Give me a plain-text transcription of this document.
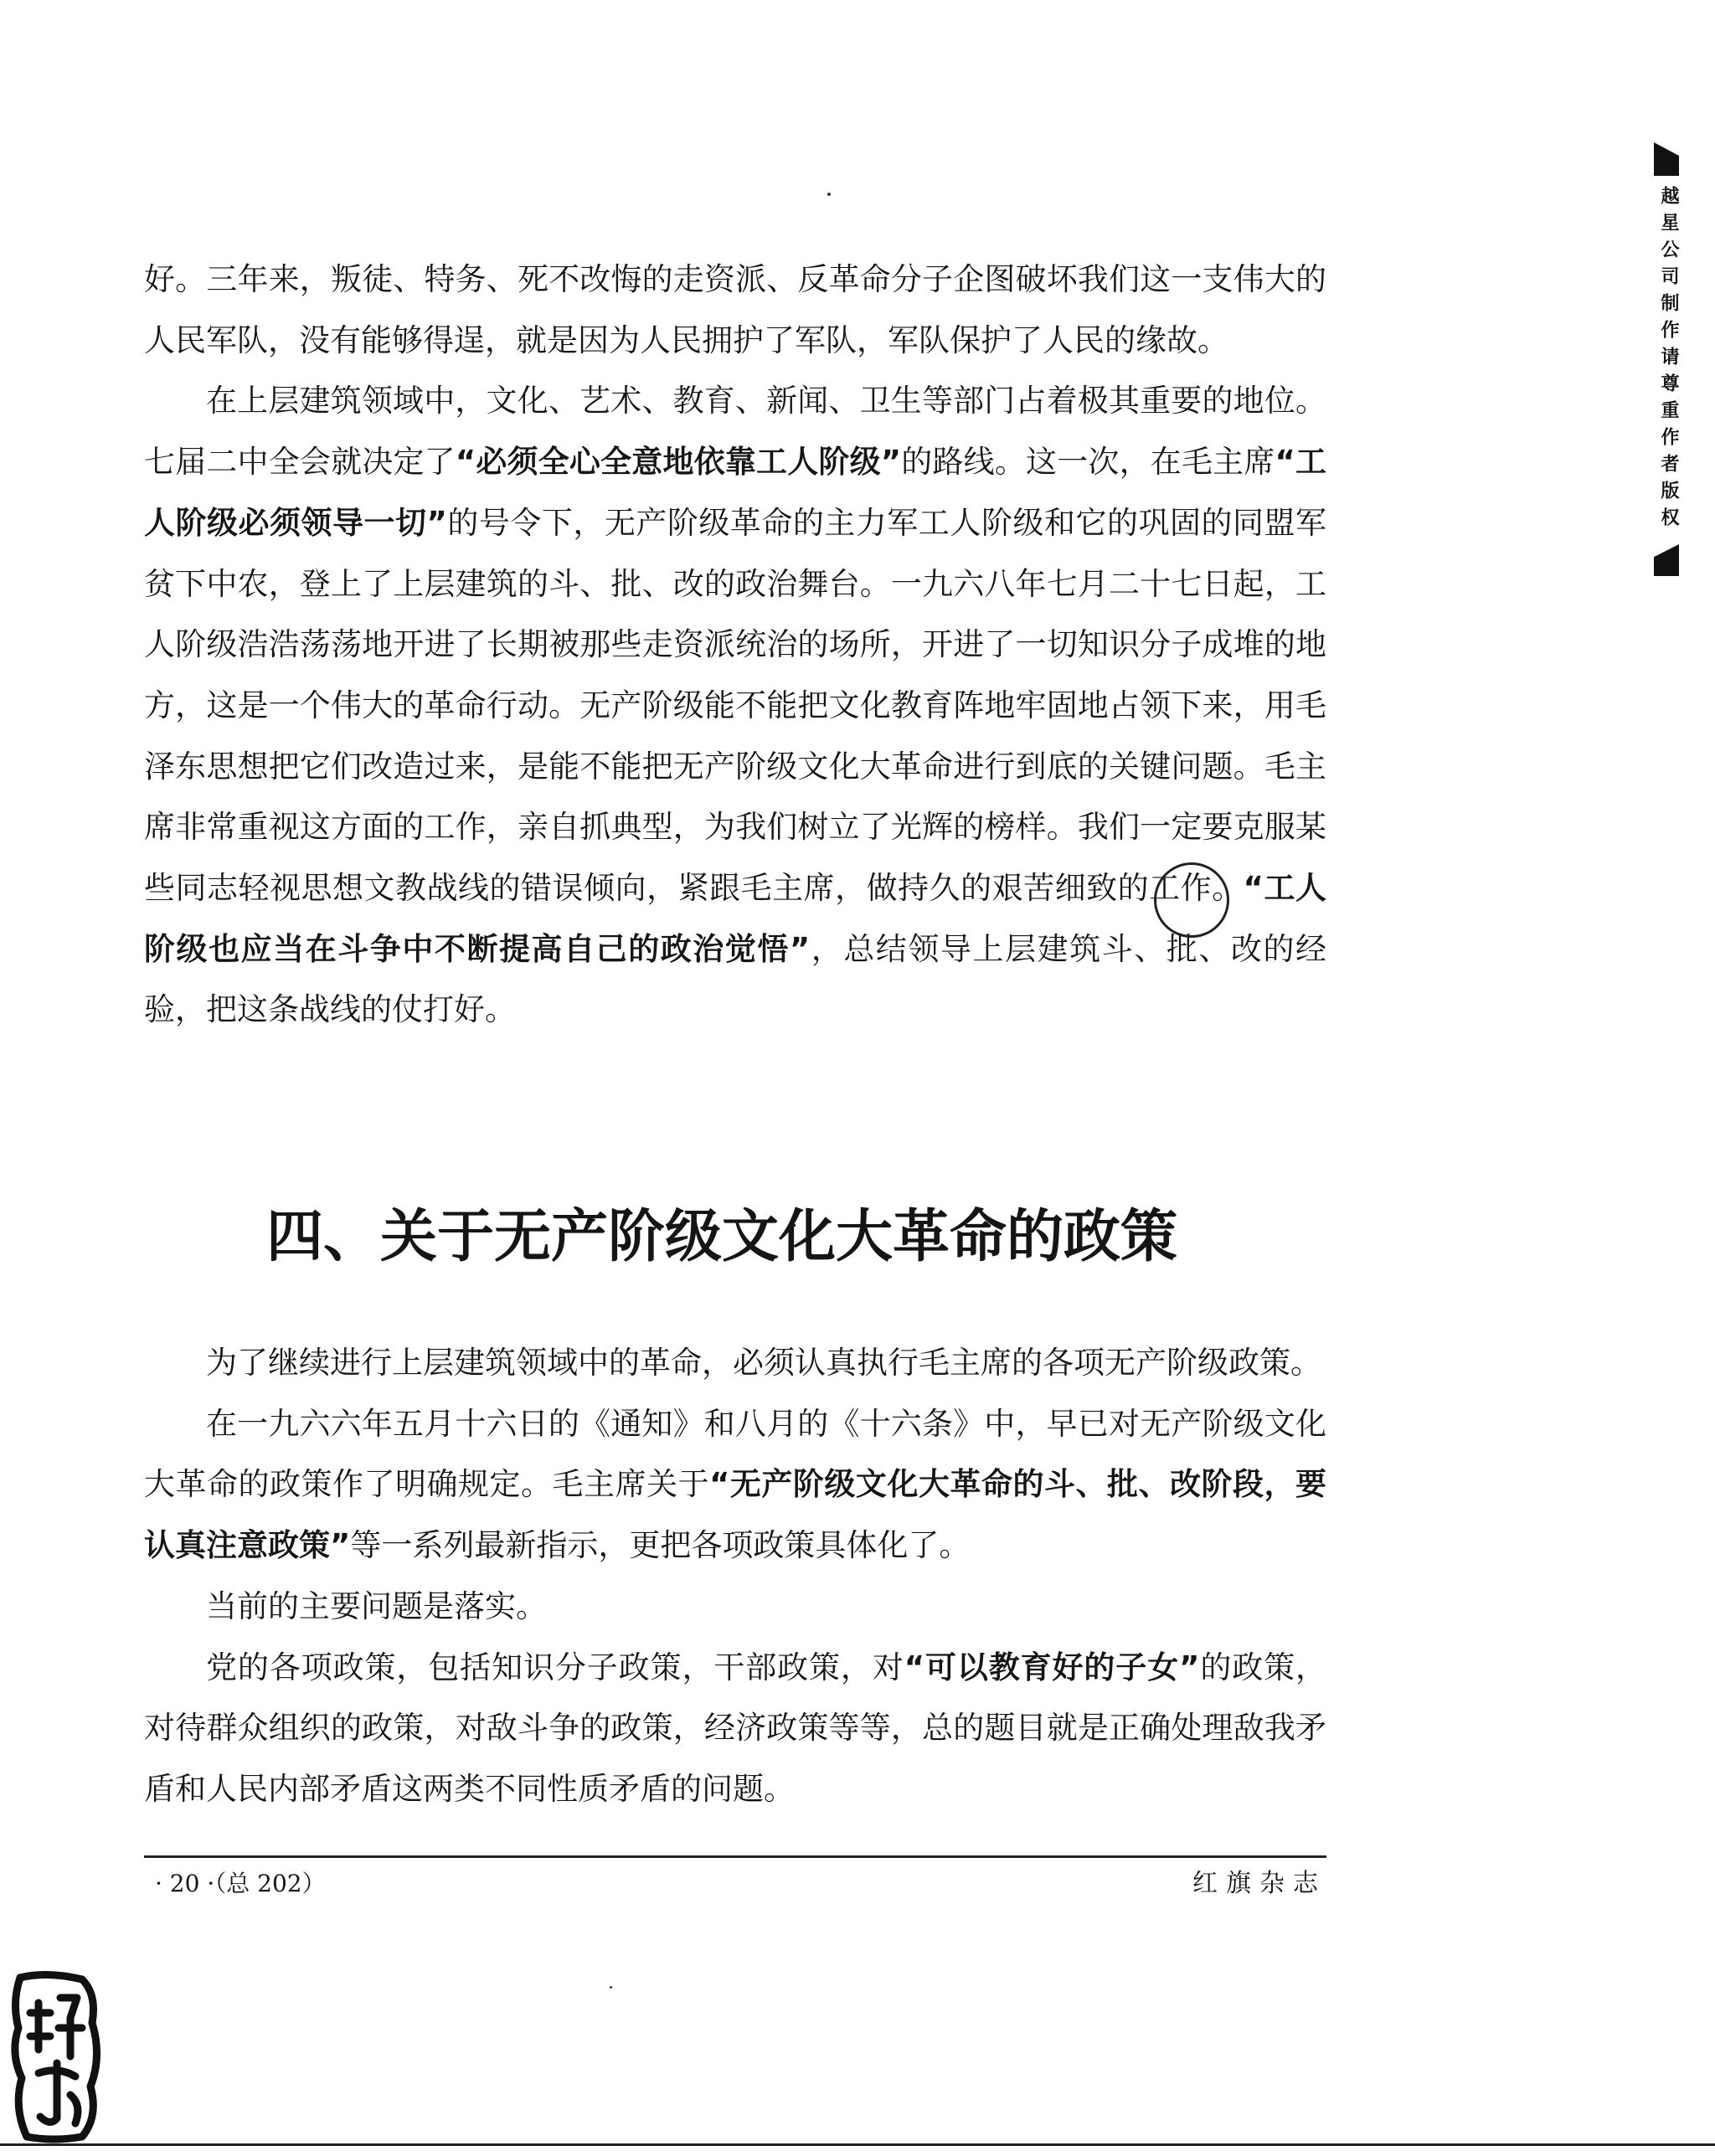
好。三年来，叛徒、特务、死不改悔的走资派、反革命分子企图破坏我们这一支伟大的人民军队，没有能够得逞，就是因为人民拥护了军队，军队保护了人民的缘故。

在上层建筑领域中，文化、艺术、教育、新闻、卫生等部门占着极其重要的地位。七届二中全会就决定了“必须全心全意地依靠工人阶级”的路线。这一次，在毛主席“工人阶级必须领导一切”的号令下，无产阶级革命的主力军工人阶级和它的巩固的同盟军贫下中农，登上了上层建筑的斗、批、改的政治舞台。一九六八年七月二十七日起，工人阶级浩浩荡荡地开进了长期被那些走资派统治的场所，开进了一切知识分子成堆的地方，这是一个伟大的革命行动。无产阶级能不能把文化教育阵地牢固地占领下来，用毛泽东思想把它们改造过来，是能不能把无产阶级文化大革命进行到底的关键问题。毛主席非常重视这方面的工作，亲自抓典型，为我们树立了光辉的榜样。我们一定要克服某些同志轻视思想文教战线的错误倾向，紧跟毛主席，做持久的艰苦细致的工作。“工人阶级也应当在斗争中不断提高自己的政治觉悟”，总结领导上层建筑斗、批、改的经验，把这条战线的仗打好。

四、关于无产阶级文化大革命的政策

为了继续进行上层建筑领域中的革命，必须认真执行毛主席的各项无产阶级政策。

在一九六六年五月十六日的《通知》和八月的《十六条》中，早已对无产阶级文化大革命的政策作了明确规定。毛主席关于“无产阶级文化大革命的斗、批、改阶段，要认真注意政策”等一系列最新指示，更把各项政策具体化了。

当前的主要问题是落实。

党的各项政策，包括知识分子政策，干部政策，对“可以教育好的子女”的政策，对待群众组织的政策，对敌斗争的政策，经济政策等等，总的题目就是正确处理敌我矛盾和人民内部矛盾这两类不同性质矛盾的问题。

· 20 ·（总 202）	红旗杂志
越星公司制作请尊重作者版权
